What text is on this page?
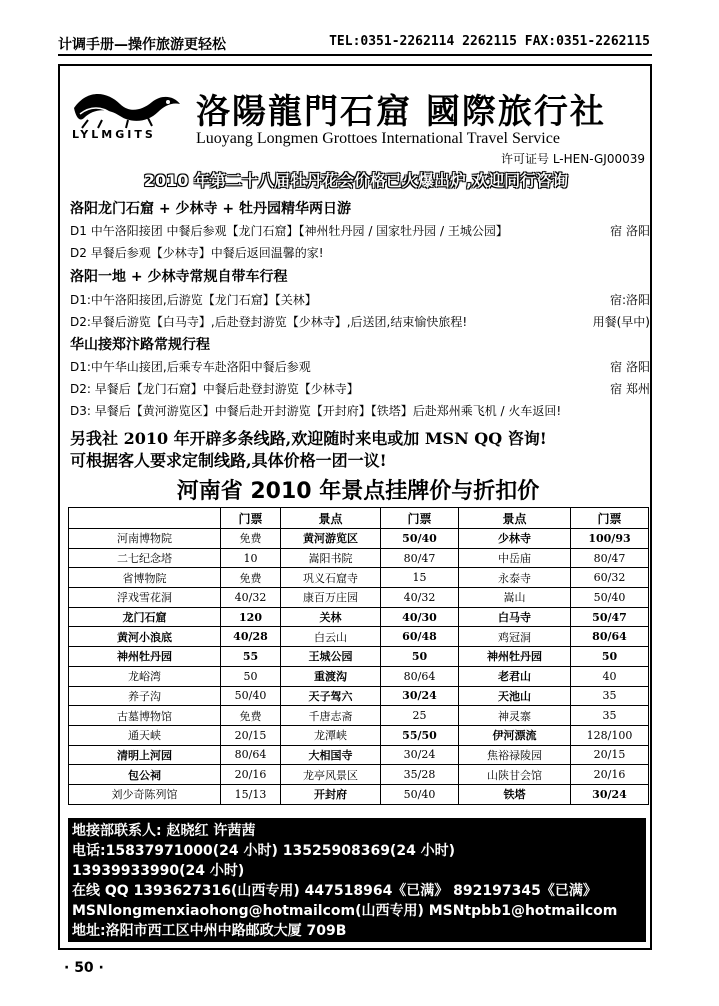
计调手册—操作旅游更轻松	TEL:0351-2262114 2262115 FAX:0351-2262115
LYLMGITS
洛陽龍門石窟 國際旅行社
Luoyang Longmen Grottoes International Travel Service
许可证号 L-HEN-GJ00039
2010 年第二十八届牡丹花会价格已火爆出炉,欢迎同行咨询
洛阳龙门石窟 + 少林寺 + 牡丹园精华两日游
D1 中午洛阳接团 中餐后参观【龙门石窟】【神州牡丹园 / 国家牡丹园 / 王城公园】	宿 洛阳
D2 早餐后参观【少林寺】中餐后返回温馨的家!
洛阳一地 + 少林寺常规自带车行程
D1:中午洛阳接团,后游览【龙门石窟】【关林】	宿:洛阳
D2:早餐后游览【白马寺】,后赴登封游览【少林寺】,后送团,结束愉快旅程!	用餐(早中)
华山接郑汴路常规行程
D1:中午华山接团,后乘专车赴洛阳中餐后参观	宿 洛阳
D2: 早餐后【龙门石窟】中餐后赴登封游览【少林寺】	宿 郑州
D3: 早餐后【黄河游览区】中餐后赴开封游览【开封府】【铁塔】后赴郑州乘飞机 / 火车返回!
另我社 2010 年开辟多条线路,欢迎随时来电或加 MSN QQ 咨询!
可根据客人要求定制线路,具体价格一团一议!
河南省 2010 年景点挂牌价与折扣价
	门票	景点	门票	景点	门票
河南博物院	免费	黄河游览区	50/40	少林寺	100/93
二七纪念塔	10	嵩阳书院	80/47	中岳庙	80/47
省博物院	免费	巩义石窟寺	15	永泰寺	60/32
浮戏雪花洞	40/32	康百万庄园	40/32	嵩山	50/40
龙门石窟	120	关林	40/30	白马寺	50/47
黄河小浪底	40/28	白云山	60/48	鸡冠洞	80/64
神州牡丹园	55	王城公园	50	神州牡丹园	50
龙峪湾	50	重渡沟	80/64	老君山	40
养子沟	50/40	天子驾六	30/24	天池山	35
古墓博物馆	免费	千唐志斋	25	神灵寨	35
通天峡	20/15	龙潭峡	55/50	伊河漂流	128/100
清明上河园	80/64	大相国寺	30/24	焦裕禄陵园	20/15
包公祠	20/16	龙亭风景区	35/28	山陕甘会馆	20/16
刘少奇陈列馆	15/13	开封府	50/40	铁塔	30/24
地接部联系人: 赵晓红 许茜茜
电话:15837971000(24 小时) 13525908369(24 小时)
13939933990(24 小时)
在线 QQ 1393627316(山西专用) 447518964《已满》 892197345《已满》
MSNlongmenxiaohong@hotmailcom(山西专用) MSNtpbb1@hotmailcom
地址:洛阳市西工区中州中路邮政大厦 709B
· 50 ·
